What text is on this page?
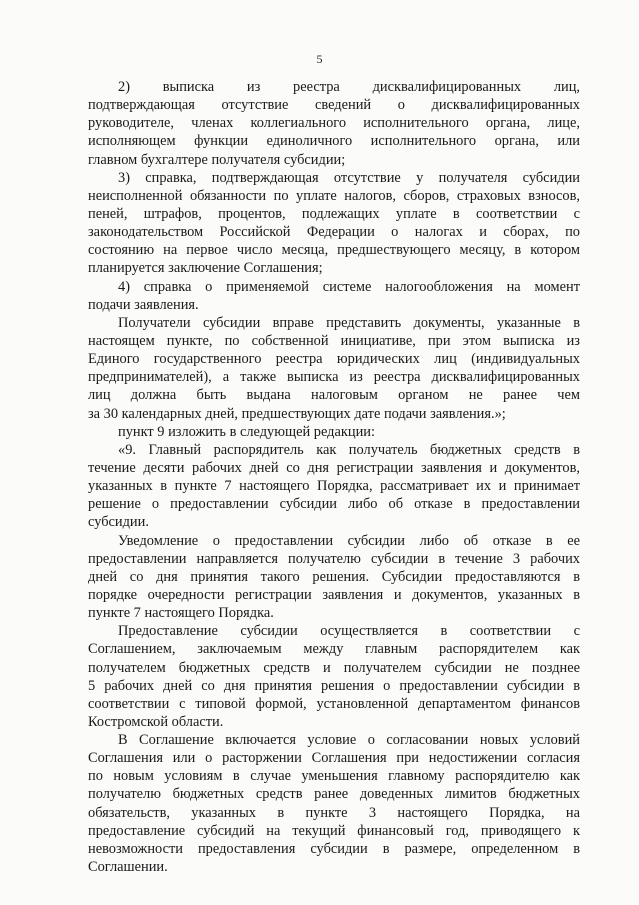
5
2) выписка из реестра дисквалифицированных лиц,
подтверждающая отсутствие сведений о дисквалифицированных
руководителе, членах коллегиального исполнительного органа, лице,
исполняющем функции единоличного исполнительного органа, или
главном бухгалтере получателя субсидии;
3) справка, подтверждающая отсутствие у получателя субсидии
неисполненной обязанности по уплате налогов, сборов, страховых взносов,
пеней, штрафов, процентов, подлежащих уплате в соответствии с
законодательством Российской Федерации о налогах и сборах, по
состоянию на первое число месяца, предшествующего месяцу, в котором
планируется заключение Соглашения;
4) справка о применяемой системе налогообложения на момент
подачи заявления.
Получатели субсидии вправе представить документы, указанные в
настоящем пункте, по собственной инициативе, при этом выписка из
Единого государственного реестра юридических лиц (индивидуальных
предпринимателей), а также выписка из реестра дисквалифицированных
лиц должна быть выдана налоговым органом не ранее чем
за 30 календарных дней, предшествующих дате подачи заявления.»;
пункт 9 изложить в следующей редакции:
«9. Главный распорядитель как получатель бюджетных средств в
течение десяти рабочих дней со дня регистрации заявления и документов,
указанных в пункте 7 настоящего Порядка, рассматривает их и принимает
решение о предоставлении субсидии либо об отказе в предоставлении
субсидии.
Уведомление о предоставлении субсидии либо об отказе в ее
предоставлении направляется получателю субсидии в течение 3 рабочих
дней со дня принятия такого решения. Субсидии предоставляются в
порядке очередности регистрации заявления и документов, указанных в
пункте 7 настоящего Порядка.
Предоставление субсидии осуществляется в соответствии с
Соглашением, заключаемым между главным распорядителем как
получателем бюджетных средств и получателем субсидии не позднее
5 рабочих дней со дня принятия решения о предоставлении субсидии в
соответствии с типовой формой, установленной департаментом финансов
Костромской области.
В Соглашение включается условие о согласовании новых условий
Соглашения или о расторжении Соглашения при недостижении согласия
по новым условиям в случае уменьшения главному распорядителю как
получателю бюджетных средств ранее доведенных лимитов бюджетных
обязательств, указанных в пункте 3 настоящего Порядка, на
предоставление субсидий на текущий финансовый год, приводящего к
невозможности предоставления субсидии в размере, определенном в
Соглашении.
